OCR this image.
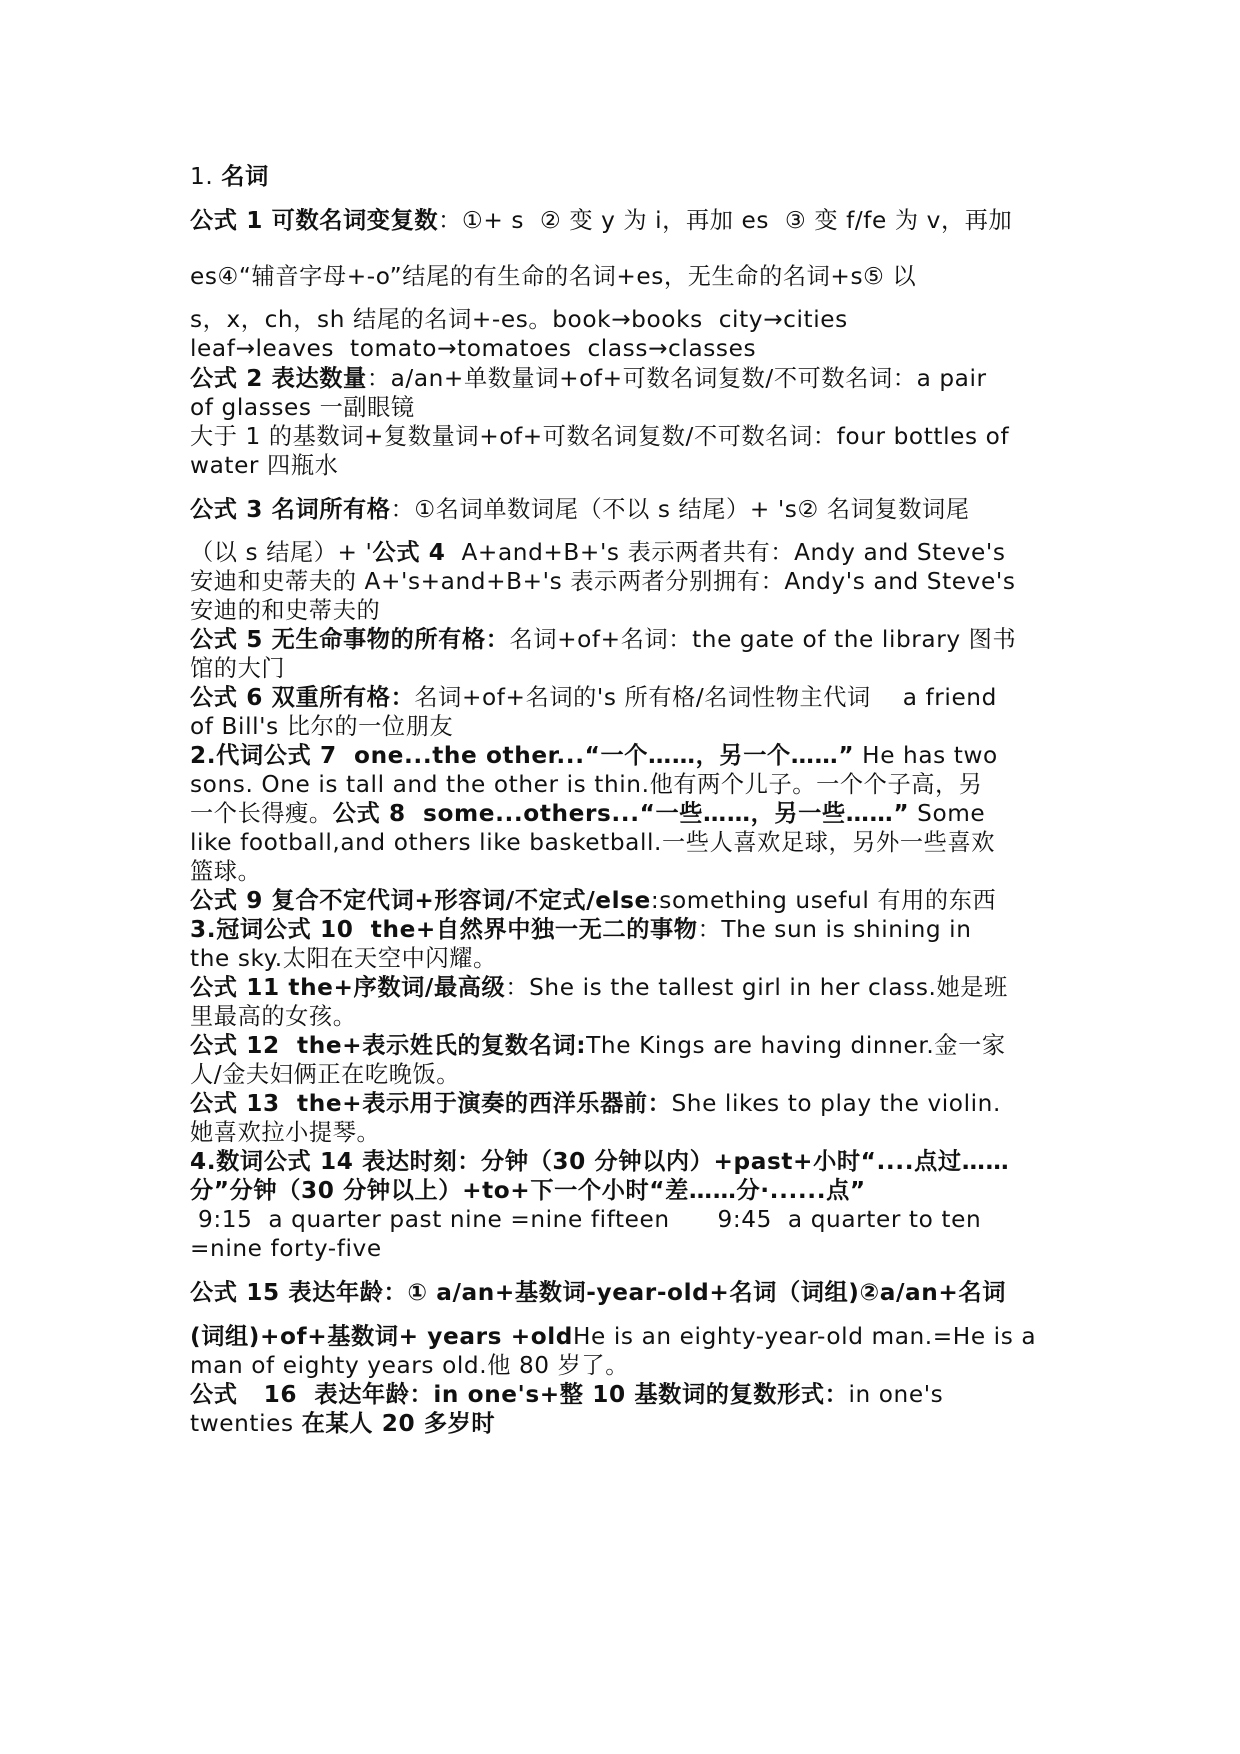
1. 名词
公式 1 可数名词变复数：①+ s  ② 变 y 为 i，再加 es  ③ 变 f/fe 为 v，再加
es④“辅音字母+-o”结尾的有生命的名词+es，无生命的名词+s⑤ 以
s，x，ch，sh 结尾的名词+-es。book→books  city→cities
leaf→leaves  tomato→tomatoes  class→classes
公式 2 表达数量：a/an+单数量词+of+可数名词复数/不可数名词：a pair
of glasses 一副眼镜
大于 1 的基数词+复数量词+of+可数名词复数/不可数名词：four bottles of
water 四瓶水
公式 3 名词所有格：①名词单数词尾（不以 s 结尾）+ 's② 名词复数词尾
（以 s 结尾）+ '公式 4  A+and+B+'s 表示两者共有：Andy and Steve's
安迪和史蒂夫的 A+'s+and+B+'s 表示两者分别拥有：Andy's and Steve's
安迪的和史蒂夫的
公式 5 无生命事物的所有格：名词+of+名词：the gate of the library 图书
馆的大门
公式 6 双重所有格：名词+of+名词的's 所有格/名词性物主代词    a friend
of Bill's 比尔的一位朋友
2.代词公式 7  one...the other...“一个……，另一个……” He has two
sons. One is tall and the other is thin.他有两个儿子。一个个子高，另
一个长得瘦。公式 8  some...others...“一些……，另一些……” Some
like football,and others like basketball.一些人喜欢足球，另外一些喜欢
篮球。
公式 9 复合不定代词+形容词/不定式/else:something useful 有用的东西
3.冠词公式 10  the+自然界中独一无二的事物：The sun is shining in
the sky.太阳在天空中闪耀。
公式 11 the+序数词/最高级：She is the tallest girl in her class.她是班
里最高的女孩。
公式 12  the+表示姓氏的复数名词:The Kings are having dinner.金一家
人/金夫妇俩正在吃晚饭。
公式 13  the+表示用于演奏的西洋乐器前：She likes to play the violin.
她喜欢拉小提琴。
4.数词公式 14 表达时刻：分钟（30 分钟以内）+past+小时“....点过……
分”分钟（30 分钟以上）+to+下一个小时“差……分·......点”
9:15  a quarter past nine =nine fifteen      9:45  a quarter to ten
=nine forty-five
公式 15 表达年龄：① a/an+基数词-year-old+名词（词组)②a/an+名词
(词组)+of+基数词+ years +oldHe is an eighty-year-old man.=He is a
man of eighty years old.他 80 岁了。
公式   16  表达年龄：in one's+整 10 基数词的复数形式：in one's
twenties 在某人 20 多岁时
